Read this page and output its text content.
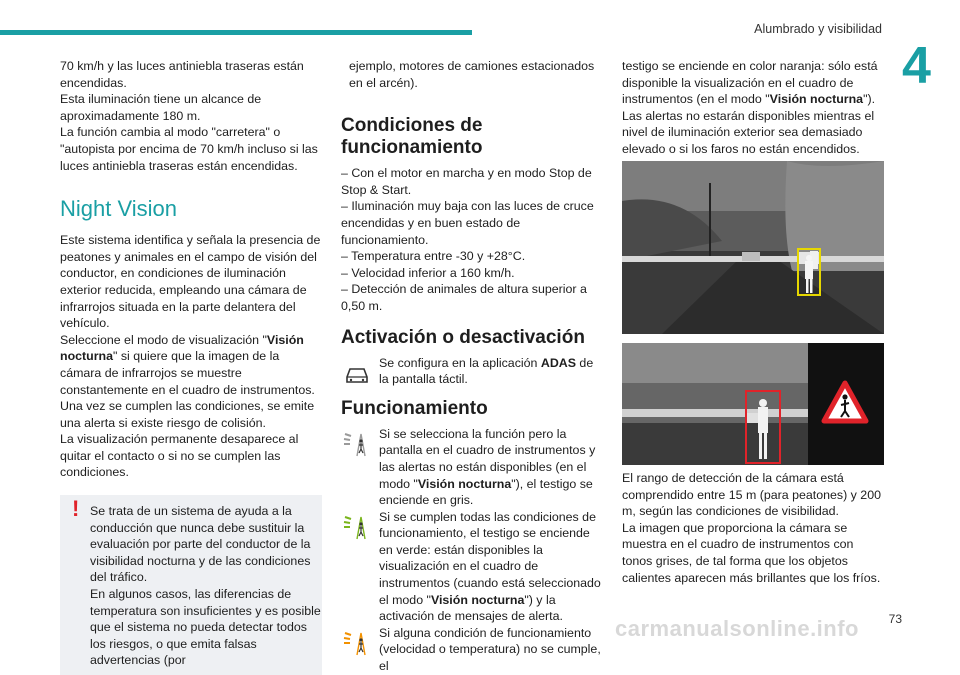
Alumbrado y visibilidad
4

70 km/h y las luces antiniebla traseras están encendidas.

Esta iluminación tiene un alcance de aproximadamente 180 m.

La función cambia al modo "carretera" o "autopista por encima de 70 km/h incluso si las luces antiniebla traseras están encendidas.

Night Vision

Este sistema identifica y señala la presencia de peatones y animales en el campo de visión del conductor, en condiciones de iluminación exterior reducida, empleando una cámara de infrarrojos situada en la parte delantera del vehículo.

Seleccione el modo de visualización "Visión nocturna" si quiere que la imagen de la cámara de infrarrojos se muestre constantemente en el cuadro de instrumentos. Una vez se cumplen las condiciones, se emite una alerta si existe riesgo de colisión.

La visualización permanente desaparece al quitar el contacto o si no se cumplen las condiciones.

! Se trata de un sistema de ayuda a la conducción que nunca debe sustituir la evaluación por parte del conductor de la visibilidad nocturna y de las condiciones del tráfico.

En algunos casos, las diferencias de temperatura son insuficientes y es posible que el sistema no pueda detectar todos los riesgos, o que emita falsas advertencias (por

ejemplo, motores de camiones estacionados en el arcén).

Condiciones de funcionamiento

– Con el motor en marcha y en modo Stop de Stop & Start.

– Iluminación muy baja con las luces de cruce encendidas y en buen estado de funcionamiento.

– Temperatura entre -30 y +28°C.

– Velocidad inferior a 160 km/h.

– Detección de animales de altura superior a 0,50 m.

Activación o desactivación

Se configura en la aplicación ADAS de la pantalla táctil.

Funcionamiento

Si se selecciona la función pero la pantalla en el cuadro de instrumentos y las alertas no están disponibles (en el modo "Visión nocturna"), el testigo se enciende en gris.

Si se cumplen todas las condiciones de funcionamiento, el testigo se enciende en verde: están disponibles la visualización en el cuadro de instrumentos (cuando está seleccionado el modo "Visión nocturna") y la activación de mensajes de alerta.

Si alguna condición de funcionamiento (velocidad o temperatura) no se cumple, el

testigo se enciende en color naranja: sólo está disponible la visualización en el cuadro de instrumentos (en el modo "Visión nocturna").

Las alertas no estarán disponibles mientras el nivel de iluminación exterior sea demasiado elevado o si los faros no están encendidos.

El rango de detección de la cámara está comprendido entre 15 m (para peatones) y 200 m, según las condiciones de visibilidad.

La imagen que proporciona la cámara se muestra en el cuadro de instrumentos con tonos grises, de tal forma que los objetos calientes aparecen más brillantes que los fríos.

carmanualsonline.info 73
